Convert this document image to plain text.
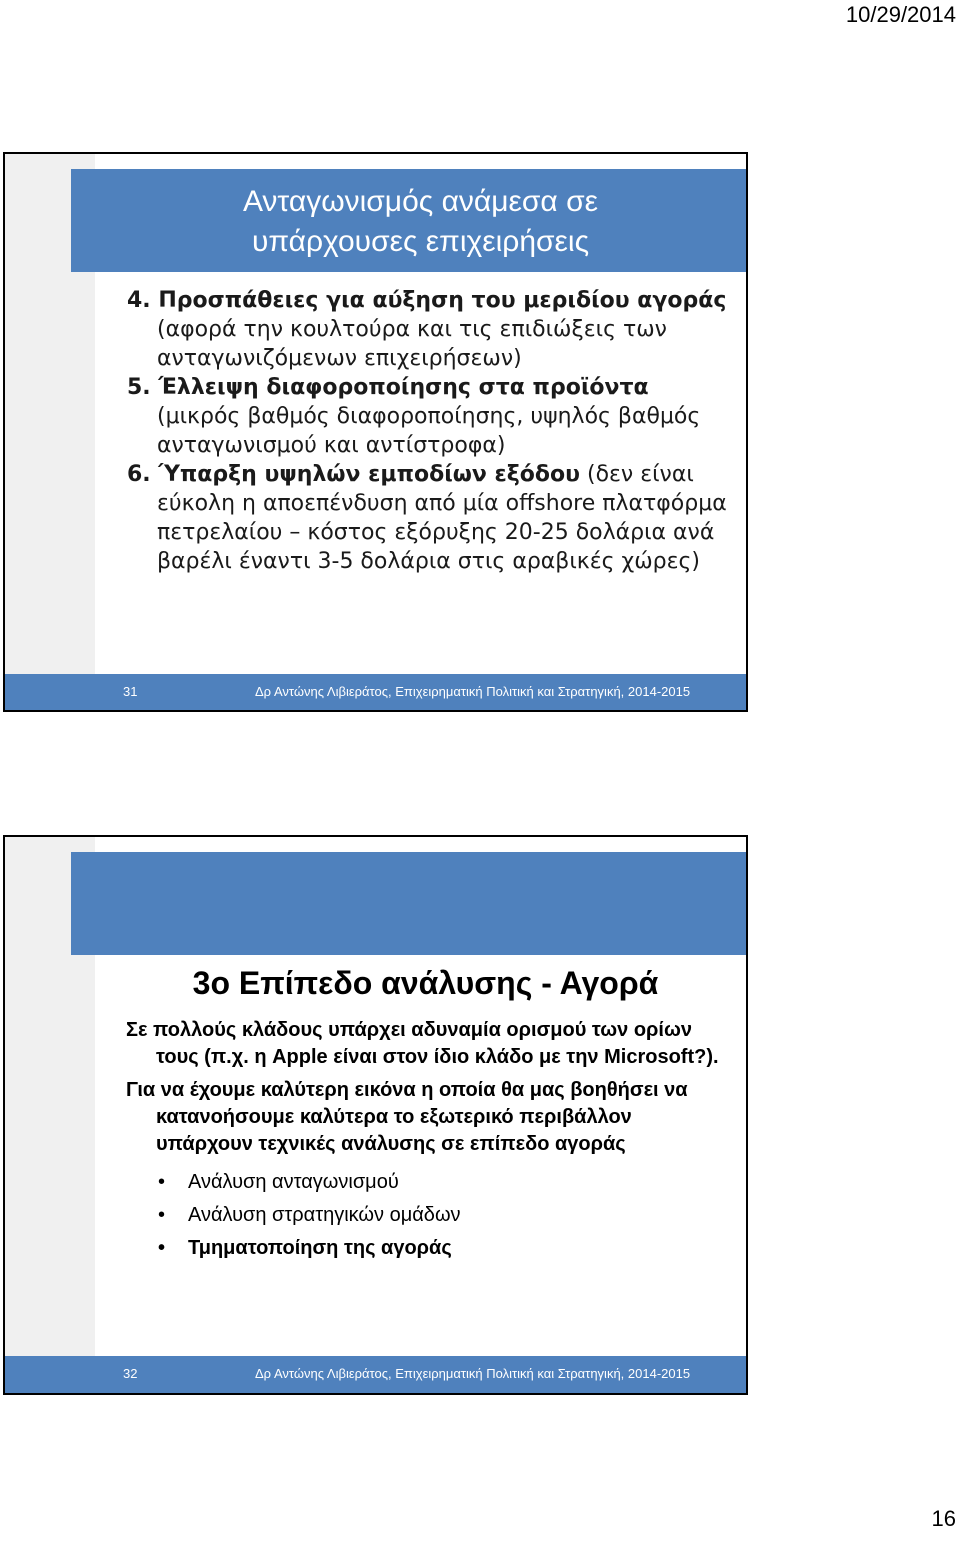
10/29/2014
Ανταγωνισμός ανάμεσα σε
υπάρχουσες επιχειρήσεις

4. Προσπάθειες για αύξηση του μεριδίου αγοράς (αφορά την κουλτούρα και τις επιδιώξεις των ανταγωνιζόμενων επιχειρήσεων)

5. Έλλειψη διαφοροποίησης στα προϊόντα (μικρός βαθμός διαφοροποίησης, υψηλός βαθμός ανταγωνισμού και αντίστροφα)

6. Ύπαρξη υψηλών εμποδίων εξόδου (δεν είναι εύκολη η αποεπένδυση από μία offshore πλατφόρμα πετρελαίου – κόστος εξόρυξης 20-25 δολάρια ανά βαρέλι έναντι 3-5 δολάρια στις αραβικές χώρες)

31	Δρ Αντώνης Λιβιεράτος, Επιχειρηματική Πολιτική και Στρατηγική, 2014-2015
3ο Επίπεδο ανάλυσης - Αγορά

Σε πολλούς κλάδους υπάρχει αδυναμία ορισμού των ορίων τους (π.χ. η Apple είναι στον ίδιο κλάδο με την Microsoft?).

Για να έχουμε καλύτερη εικόνα η οποία θα μας βοηθήσει να κατανοήσουμε καλύτερα το εξωτερικό περιβάλλον υπάρχουν τεχνικές ανάλυσης σε επίπεδο αγοράς

• Ανάλυση ανταγωνισμού
• Ανάλυση στρατηγικών ομάδων
• Τμηματοποίηση της αγοράς
32	Δρ Αντώνης Λιβιεράτος, Επιχειρηματική Πολιτική και Στρατηγική, 2014-2015
16
